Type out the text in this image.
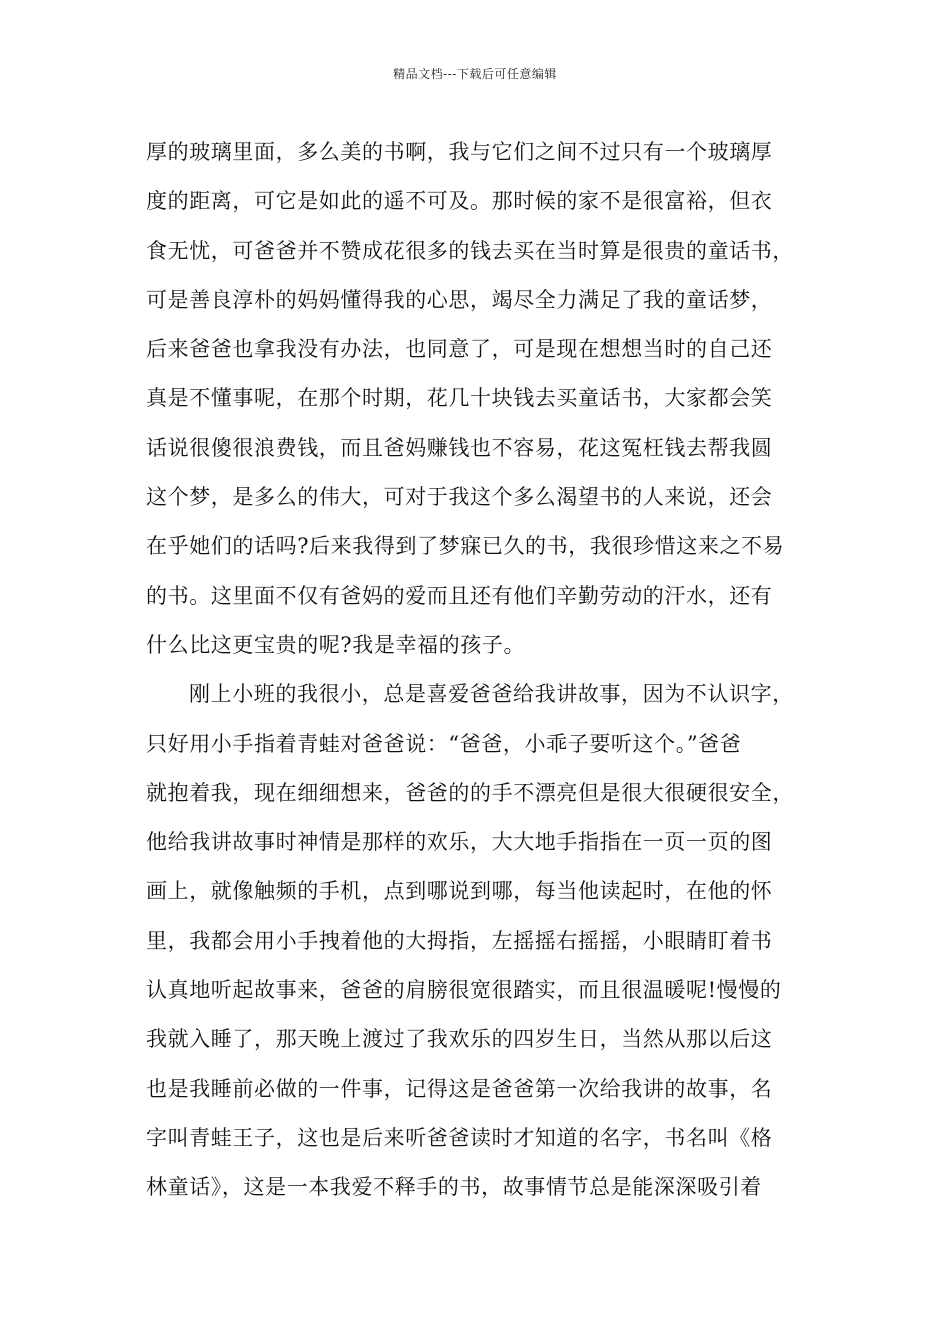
精品文档---下载后可任意编辑
厚的玻璃里面，多么美的书啊，我与它们之间不过只有一个玻璃厚
度的距离，可它是如此的遥不可及。那时候的家不是很富裕，但衣
食无忧，可爸爸并不赞成花很多的钱去买在当时算是很贵的童话书，
可是善良淳朴的妈妈懂得我的心思，竭尽全力满足了我的童话梦，
后来爸爸也拿我没有办法，也同意了，可是现在想想当时的自己还
真是不懂事呢，在那个时期，花几十块钱去买童话书，大家都会笑
话说很傻很浪费钱，而且爸妈赚钱也不容易，花这冤枉钱去帮我圆
这个梦，是多么的伟大，可对于我这个多么渴望书的人来说，还会
在乎她们的话吗?后来我得到了梦寐已久的书，我很珍惜这来之不易
的书。这里面不仅有爸妈的爱而且还有他们辛勤劳动的汗水，还有
什么比这更宝贵的呢?我是幸福的孩子。
刚上小班的我很小，总是喜爱爸爸给我讲故事，因为不认识字，
只好用小手指着青蛙对爸爸说：“爸爸，小乖子要听这个。”爸爸
就抱着我，现在细细想来，爸爸的的手不漂亮但是很大很硬很安全，
他给我讲故事时神情是那样的欢乐，大大地手指指在一页一页的图
画上，就像触频的手机，点到哪说到哪，每当他读起时，在他的怀
里，我都会用小手拽着他的大拇指，左摇摇右摇摇，小眼睛盯着书
认真地听起故事来，爸爸的肩膀很宽很踏实，而且很温暖呢!慢慢的
我就入睡了，那天晚上渡过了我欢乐的四岁生日，当然从那以后这
也是我睡前必做的一件事，记得这是爸爸第一次给我讲的故事，名
字叫青蛙王子，这也是后来听爸爸读时才知道的名字，书名叫《格
林童话》，这是一本我爱不释手的书，故事情节总是能深深吸引着
